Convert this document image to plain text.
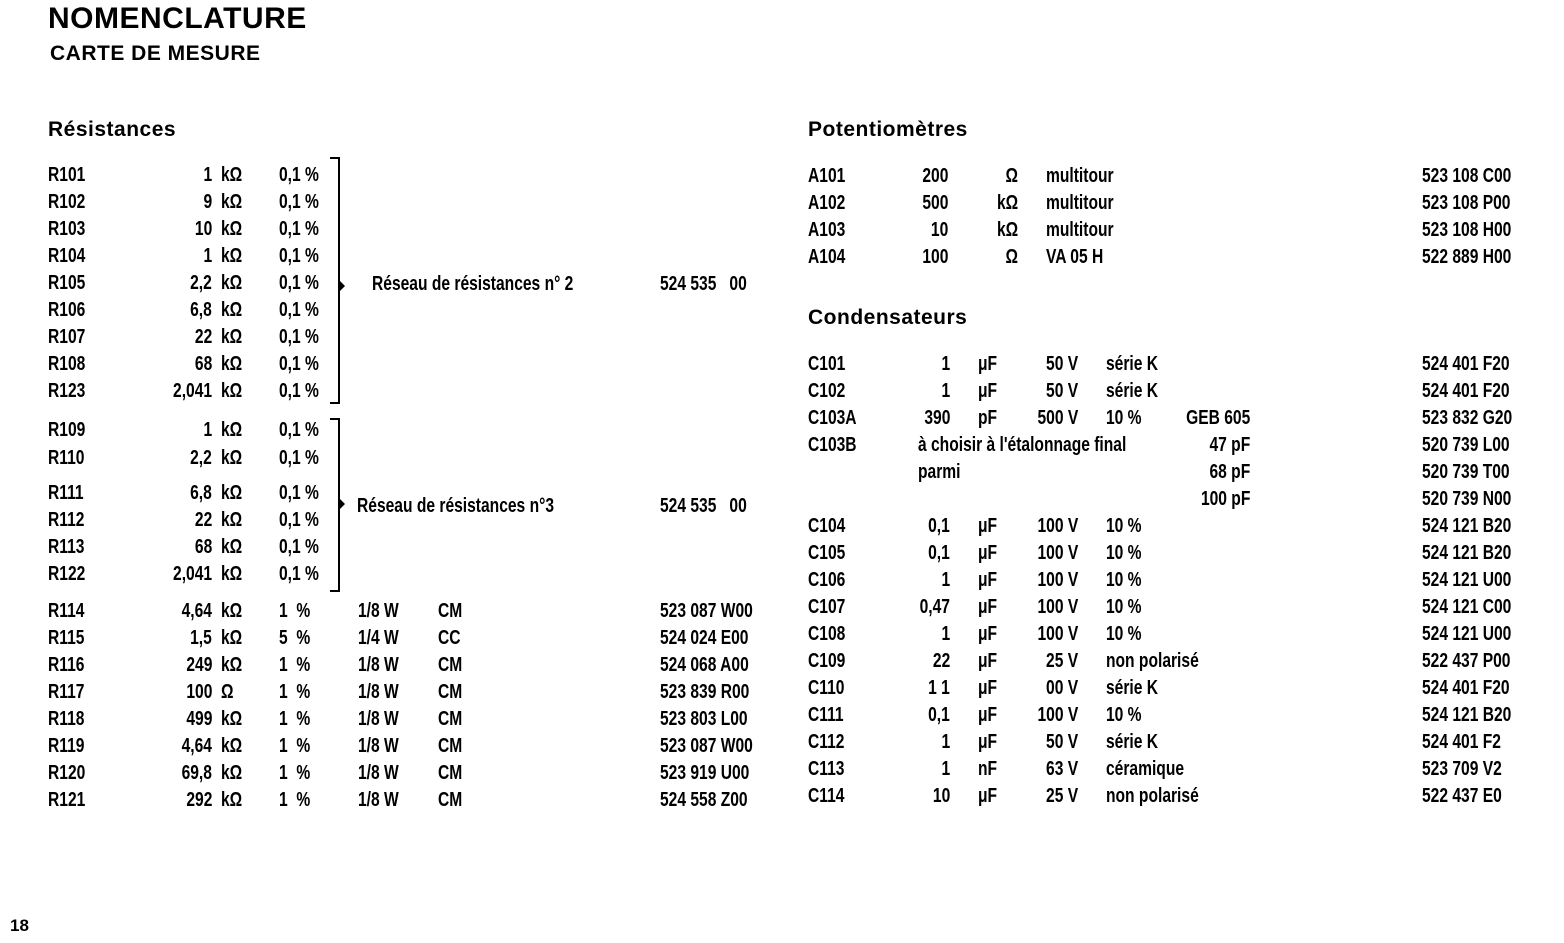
NOMENCLATURE
CARTE DE MESURE
Résistances	Potentiomètres
Condensateurs
R101	1 kΩ 0,1 %
R102	9 kΩ 0,1 %
R103	10 kΩ 0,1 %
R104	1 kΩ 0,1 %
R105	2,2 kΩ 0,1 %
R106	6,8 kΩ 0,1 %
R107	22 kΩ 0,1 %
R108	68 kΩ 0,1 %
R123	2,041 kΩ 0,1 %
R109	1 kΩ 0,1 %
R110	2,2 kΩ 0,1 %
R111	6,8 kΩ 0,1 %
R112	22 kΩ 0,1 %
R113	68 kΩ 0,1 %
R122	2,041 kΩ 0,1 %
R114	4,64 kΩ 1  % 1/8 W CM	523 087 W00
R115	1,5 kΩ 5  % 1/4 W CC	524 024 E00
R116	249 kΩ 1  % 1/8 W CM	524 068 A00
R117	100 Ω 1  % 1/8 W CM	523 839 R00
R118	499 kΩ 1  % 1/8 W CM	523 803 L00
R119	4,64 kΩ 1  % 1/8 W CM	523 087 W00
R120	69,8 kΩ 1  % 1/8 W CM	523 919 U00
R121	292 kΩ 1  % 1/8 W CM	524 558 Z00
A101	200	Ω multitour	523 108 C00
A102	500 kΩ multitour	523 108 P00
A103	10 kΩ multitour	523 108 H00
A104	100	Ω VA 05 H	522 889 H00
C101	1 μF 50 V série K	524 401 F20
C102	1 μF 50 V série K	524 401 F20
C103A	390 pF 500 V 10 % GEB 605	523 832 G20
C103B	à choisir à l'étalonnage final	47 pF	520 739 L00
parmi	68 pF	520 739 T00
100 pF	520 739 N00
C104	0,1 μF 100 V 10 %	524 121 B20
C105	0,1 μF 100 V 10 %	524 121 B20
C106	1 μF 100 V 10 %	524 121 U00
C107	0,47 μF 100 V 10 %	524 121 C00
C108	1 μF 100 V 10 %	524 121 U00
C109	22 μF 25 V non polarisé	522 437 P00
C110	1 1 μF 00 V série K	524 401 F20
C111	0,1 μF 100 V 10 %	524 121 B20
C112	1 μF 50 V série K	524 401 F2
C113	1 nF 63 V céramique	523 709 V2
C114	10 μF 25 V non polarisé	522 437 E0
Réseau de résistances n° 2	524 535   00
Réseau de résistances n°3	524 535   00
18
